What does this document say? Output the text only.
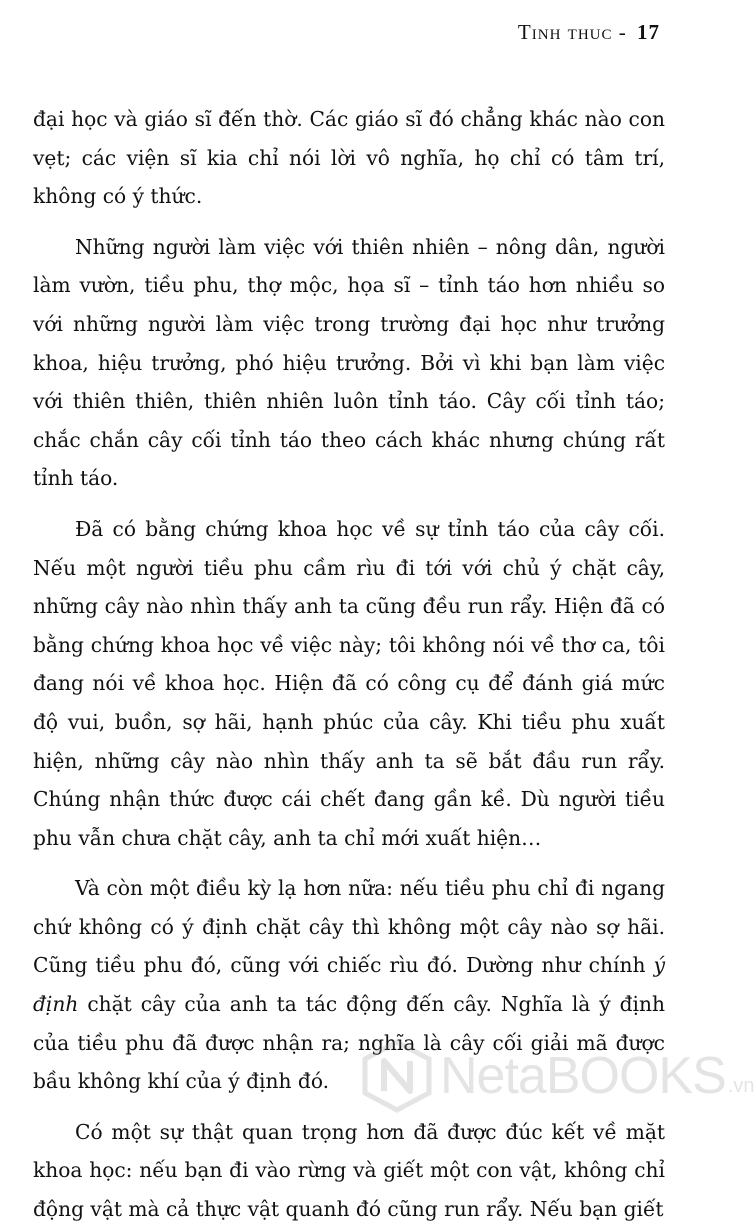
Tinh thuc - 17

đại học và giáo sĩ đến thờ. Các giáo sĩ đó chẳng khác nào con vẹt; các viện sĩ kia chỉ nói lời vô nghĩa, họ chỉ có tâm trí, không có ý thức.

Những người làm việc với thiên nhiên – nông dân, người làm vườn, tiều phu, thợ mộc, họa sĩ – tỉnh táo hơn nhiều so với những người làm việc trong trường đại học như trưởng khoa, hiệu trưởng, phó hiệu trưởng. Bởi vì khi bạn làm việc với thiên thiên, thiên nhiên luôn tỉnh táo. Cây cối tỉnh táo; chắc chắn cây cối tỉnh táo theo cách khác nhưng chúng rất tỉnh táo.

Đã có bằng chứng khoa học về sự tỉnh táo của cây cối. Nếu một người tiều phu cầm rìu đi tới với chủ ý chặt cây, những cây nào nhìn thấy anh ta cũng đều run rẩy. Hiện đã có bằng chứng khoa học về việc này; tôi không nói về thơ ca, tôi đang nói về khoa học. Hiện đã có công cụ để đánh giá mức độ vui, buồn, sợ hãi, hạnh phúc của cây. Khi tiều phu xuất hiện, những cây nào nhìn thấy anh ta sẽ bắt đầu run rẩy. Chúng nhận thức được cái chết đang gần kề. Dù người tiều phu vẫn chưa chặt cây, anh ta chỉ mới xuất hiện…

Và còn một điều kỳ lạ hơn nữa: nếu tiều phu chỉ đi ngang chứ không có ý định chặt cây thì không một cây nào sợ hãi. Cũng tiều phu đó, cũng với chiếc rìu đó. Dường như chính ý định chặt cây của anh ta tác động đến cây. Nghĩa là ý định của tiều phu đã được nhận ra; nghĩa là cây cối giải mã được bầu không khí của ý định đó.

Có một sự thật quan trọng hơn đã được đúc kết về mặt khoa học: nếu bạn đi vào rừng và giết một con vật, không chỉ động vật mà cả thực vật quanh đó cũng run rẩy. Nếu bạn giết

NetaBOOKS .vn
